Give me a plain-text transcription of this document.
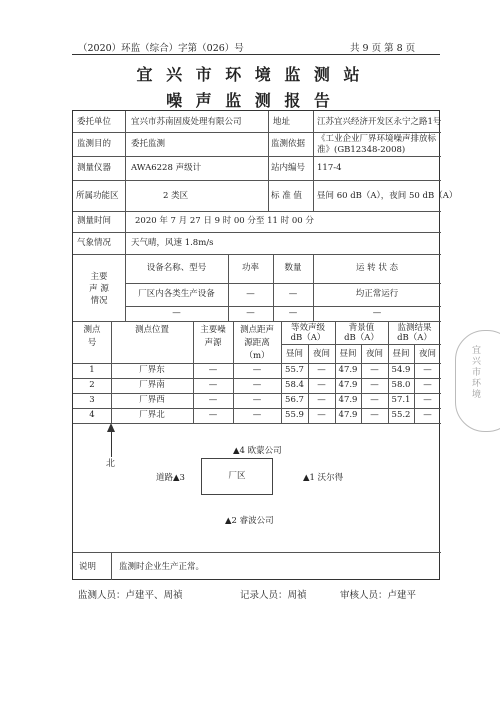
（2020）环监（综合）字第（026）号	共 9 页 第 8 页
宜 兴 市 环 境 监 测 站
噪 声 监 测 报 告
委托单位 宜兴市苏南固废处理有限公司	地址	江苏宜兴经济开发区永宁之路1号
监测目的 委托监测	监测依据 《工业企业厂界环境噪声排放标
准》(GB12348-2008)
测量仪器 AWA6228 声级计	站内编号 117-4
所属功能区	2 类区	标 准 值 昼间 60 dB（A），夜间 50 dB（A）
测量时间	2020 年 7 月 27 日 9 时 00 分至 11 时 00 分
气象情况 天气晴，风速 1.8m/s
主要
声 源
情况
设备名称、型号	功率	数量	运 转 状 态
厂区内各类生产设备	—	—	均正常运行
—	—	—	—
测点
号
测点位置	主要噪
声源
测点距声
源距离
（m）
等效声级
dB（A）
背景值
dB（A）
监测结果
dB（A）
昼间	夜间	昼间	夜间	昼间	夜间
1	厂界东	—	—	55.7	—	47.9	—	54.9	—
2	厂界南	—	—	58.4	—	47.9	—	58.0	—
3	厂界西	—	—	56.7	—	47.9	—	57.1	—
4	厂界北	—	—	55.9	—	47.9	—	55.2	—
北
▲4 欧蒙公司
道路▲3	厂区	▲1 沃尔得
▲2 睿波公司
说明	监测时企业生产正常。
宜兴市环境
监测人员：卢建平、周禎	记录人员：周禎	审核人员：卢建平
